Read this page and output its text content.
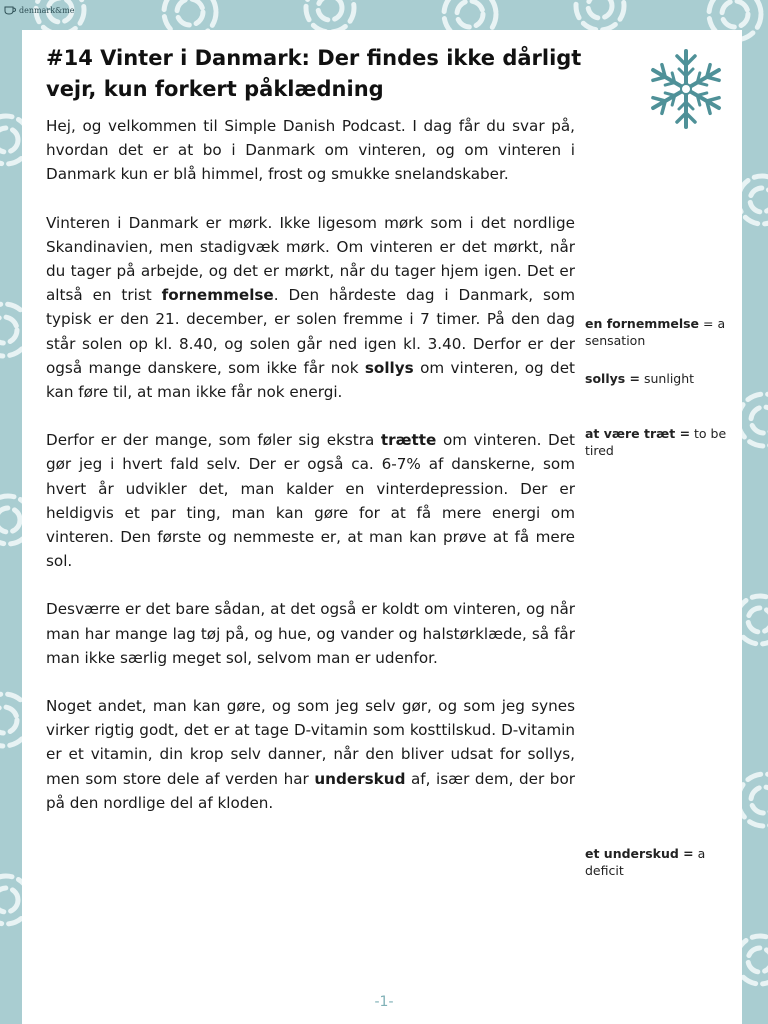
denmark&me
#14 Vinter i Danmark: Der findes ikke dårligt vejr, kun forkert påklædning

Hej, og velkommen til Simple Danish Podcast. I dag får du svar på, hvordan det er at bo i Danmark om vinteren, og om vinteren i Danmark kun er blå himmel, frost og smukke snelandskaber.

Vinteren i Danmark er mørk. Ikke ligesom mørk som i det nordlige Skandinavien, men stadigvæk mørk. Om vinteren er det mørkt, når du tager på arbejde, og det er mørkt, når du tager hjem igen. Det er altså en trist fornemmelse. Den hårdeste dag i Danmark, som typisk er den 21. december, er solen fremme i 7 timer. På den dag står solen op kl. 8.40, og solen går ned igen kl. 3.40. Derfor er der også mange danskere, som ikke får nok sollys om vinteren, og det kan føre til, at man ikke får nok energi.

Derfor er der mange, som føler sig ekstra trætte om vinteren. Det gør jeg i hvert fald selv. Der er også ca. 6-7% af danskerne, som hvert år udvikler det, man kalder en vinterdepression. Der er heldigvis et par ting, man kan gøre for at få mere energi om vinteren. Den første og nemmeste er, at man kan prøve at få mere sol.

Desværre er det bare sådan, at det også er koldt om vinteren, og når man har mange lag tøj på, og hue, og vander og halstørklæde, så får man ikke særlig meget sol, selvom man er udenfor.

Noget andet, man kan gøre, og som jeg selv gør, og som jeg synes virker rigtig godt, det er at tage D-vitamin som kosttilskud. D-vitamin er et vitamin, din krop selv danner, når den bliver udsat for sollys, men som store dele af verden har underskud af, især dem, der bor på den nordlige del af kloden.

en fornemmelse = a sensation
sollys = sunlight
at være træt = to be tired
et underskud = a deficit
-1-
